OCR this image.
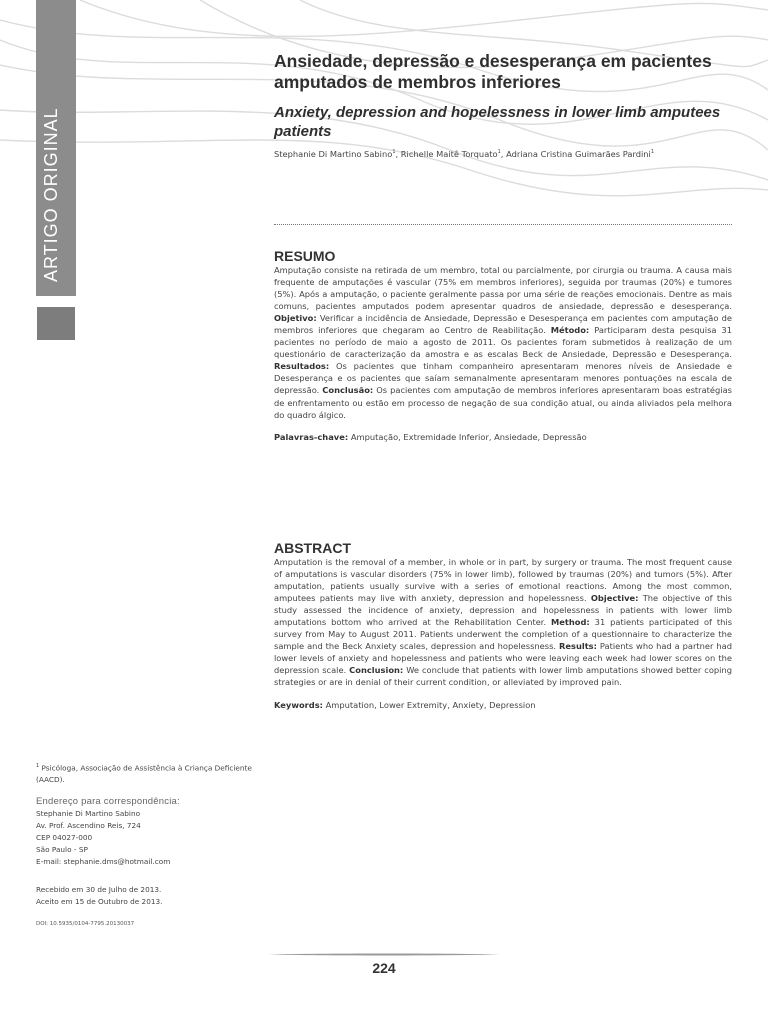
ARTIGO ORIGINAL
Ansiedade, depressão e desesperança em pacientes amputados de membros inferiores
Anxiety, depression and hopelessness in lower limb amputees patients
Stephanie Di Martino Sabino$^1$, Richelle Maitê Torquato$^1$, Adriana Cristina Guimarães Pardini$^1$
RESUMO

Amputação consiste na retirada de um membro, total ou parcialmente, por cirurgia ou trauma. A causa mais frequente de amputações é vascular (75% em membros inferiores), seguida por traumas (20%) e tumores (5%). Após a amputação, o paciente geralmente passa por uma série de reações emocionais. Dentre as mais comuns, pacientes amputados podem apresentar quadros de ansiedade, depressão e desesperança. Objetivo: Verificar a incidência de Ansiedade, Depressão e Desesperança em pacientes com amputação de membros inferiores que chegaram ao Centro de Reabilitação. Método: Participaram desta pesquisa 31 pacientes no período de maio a agosto de 2011. Os pacientes foram submetidos à realização de um questionário de caracterização da amostra e as escalas Beck de Ansiedade, Depressão e Desesperança. Resultados: Os pacientes que tinham companheiro apresentaram menores níveis de Ansiedade e Desesperança e os pacientes que saíam semanalmente apresentaram menores pontuações na escala de depressão. Conclusão: Os pacientes com amputação de membros inferiores apresentaram boas estratégias de enfrentamento ou estão em processo de negação de sua condição atual, ou ainda aliviados pela melhora do quadro álgico.

Palavras-chave: Amputação, Extremidade Inferior, Ansiedade, Depressão
ABSTRACT

Amputation is the removal of a member, in whole or in part, by surgery or trauma. The most frequent cause of amputations is vascular disorders (75% in lower limb), followed by traumas (20%) and tumors (5%). After amputation, patients usually survive with a series of emotional reactions. Among the most common, amputees patients may live with anxiety, depression and hopelessness. Objective: The objective of this study assessed the incidence of anxiety, depression and hopelessness in patients with lower limb amputations bottom who arrived at the Rehabilitation Center. Method: 31 patients participated of this survey from May to August 2011. Patients underwent the completion of a questionnaire to characterize the sample and the Beck Anxiety scales, depression and hopelessness. Results: Patients who had a partner had lower levels of anxiety and hopelessness and patients who were leaving each week had lower scores on the depression scale. Conclusion: We conclude that patients with lower limb amputations showed better coping strategies or are in denial of their current condition, or alleviated by improved pain.

Keywords: Amputation, Lower Extremity, Anxiety, Depression
$^1$ Psicóloga, Associação de Assistência à Criança Deficiente (AACD).
Endereço para correspondência:
Stephanie Di Martino Sabino
Av. Prof. Ascendino Reis, 724
CEP 04027-000
São Paulo - SP
E-mail: stephanie.dms@hotmail.com
Recebido em 30 de Julho de 2013.
Aceito em 15 de Outubro de 2013.
DOI: 10.5935/0104-7795.20130037
224
